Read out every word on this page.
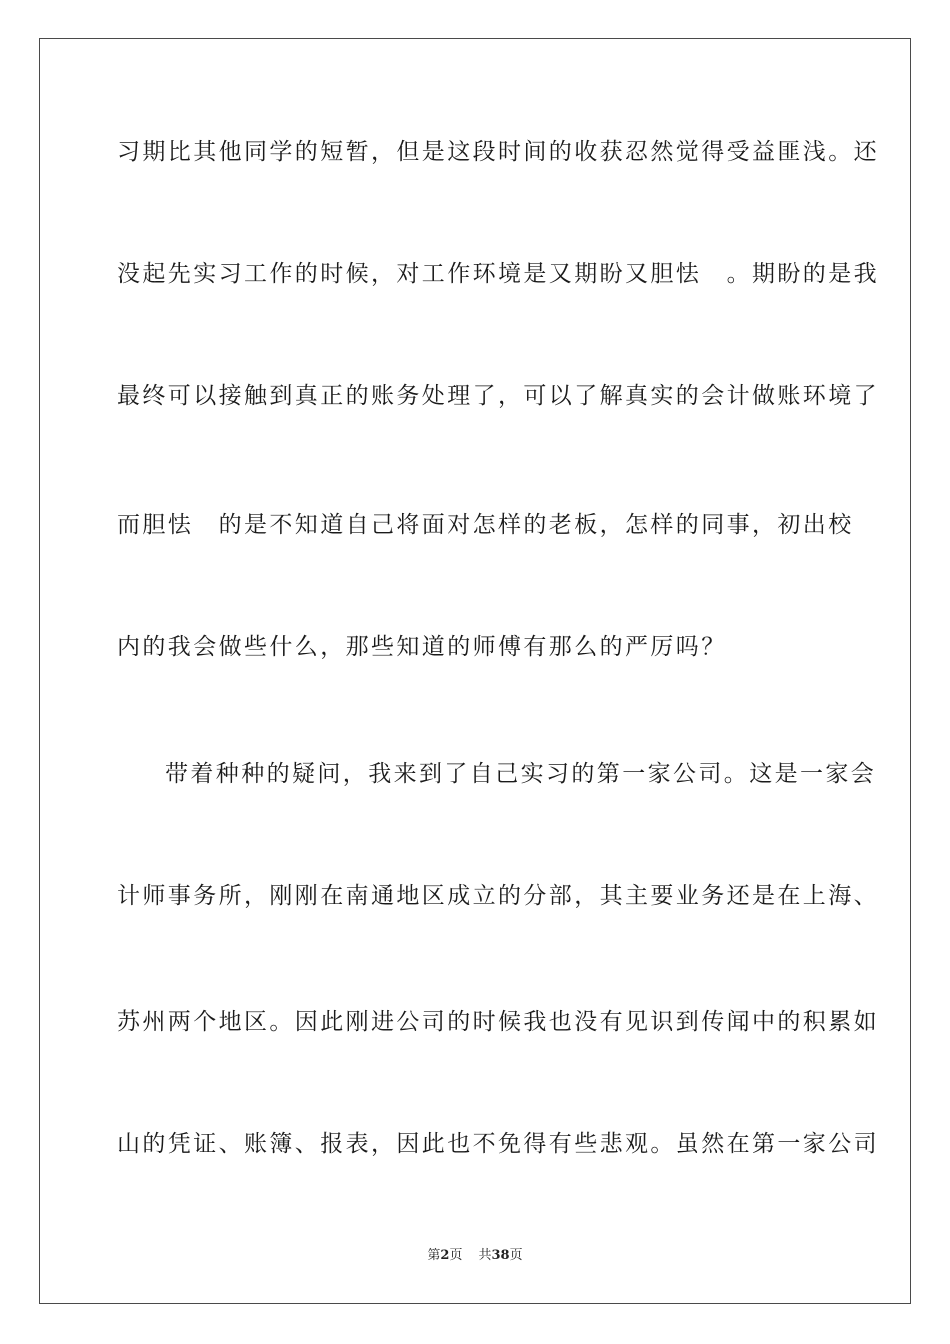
习期比其他同学的短暂，但是这段时间的收获忍然觉得受益匪浅。还
没起先实习工作的时候，对工作环境是又期盼又胆怯　。期盼的是我
最终可以接触到真正的账务处理了，可以了解真实的会计做账环境了
而胆怯　的是不知道自己将面对怎样的老板，怎样的同事，初出校
内的我会做些什么，那些知道的师傅有那么的严厉吗？
带着种种的疑问，我来到了自己实习的第一家公司。这是一家会
计师事务所，刚刚在南通地区成立的分部，其主要业务还是在上海、
苏州两个地区。因此刚进公司的时候我也没有见识到传闻中的积累如
山的凭证、账簿、报表，因此也不免得有些悲观。虽然在第一家公司
第2页 共38页
